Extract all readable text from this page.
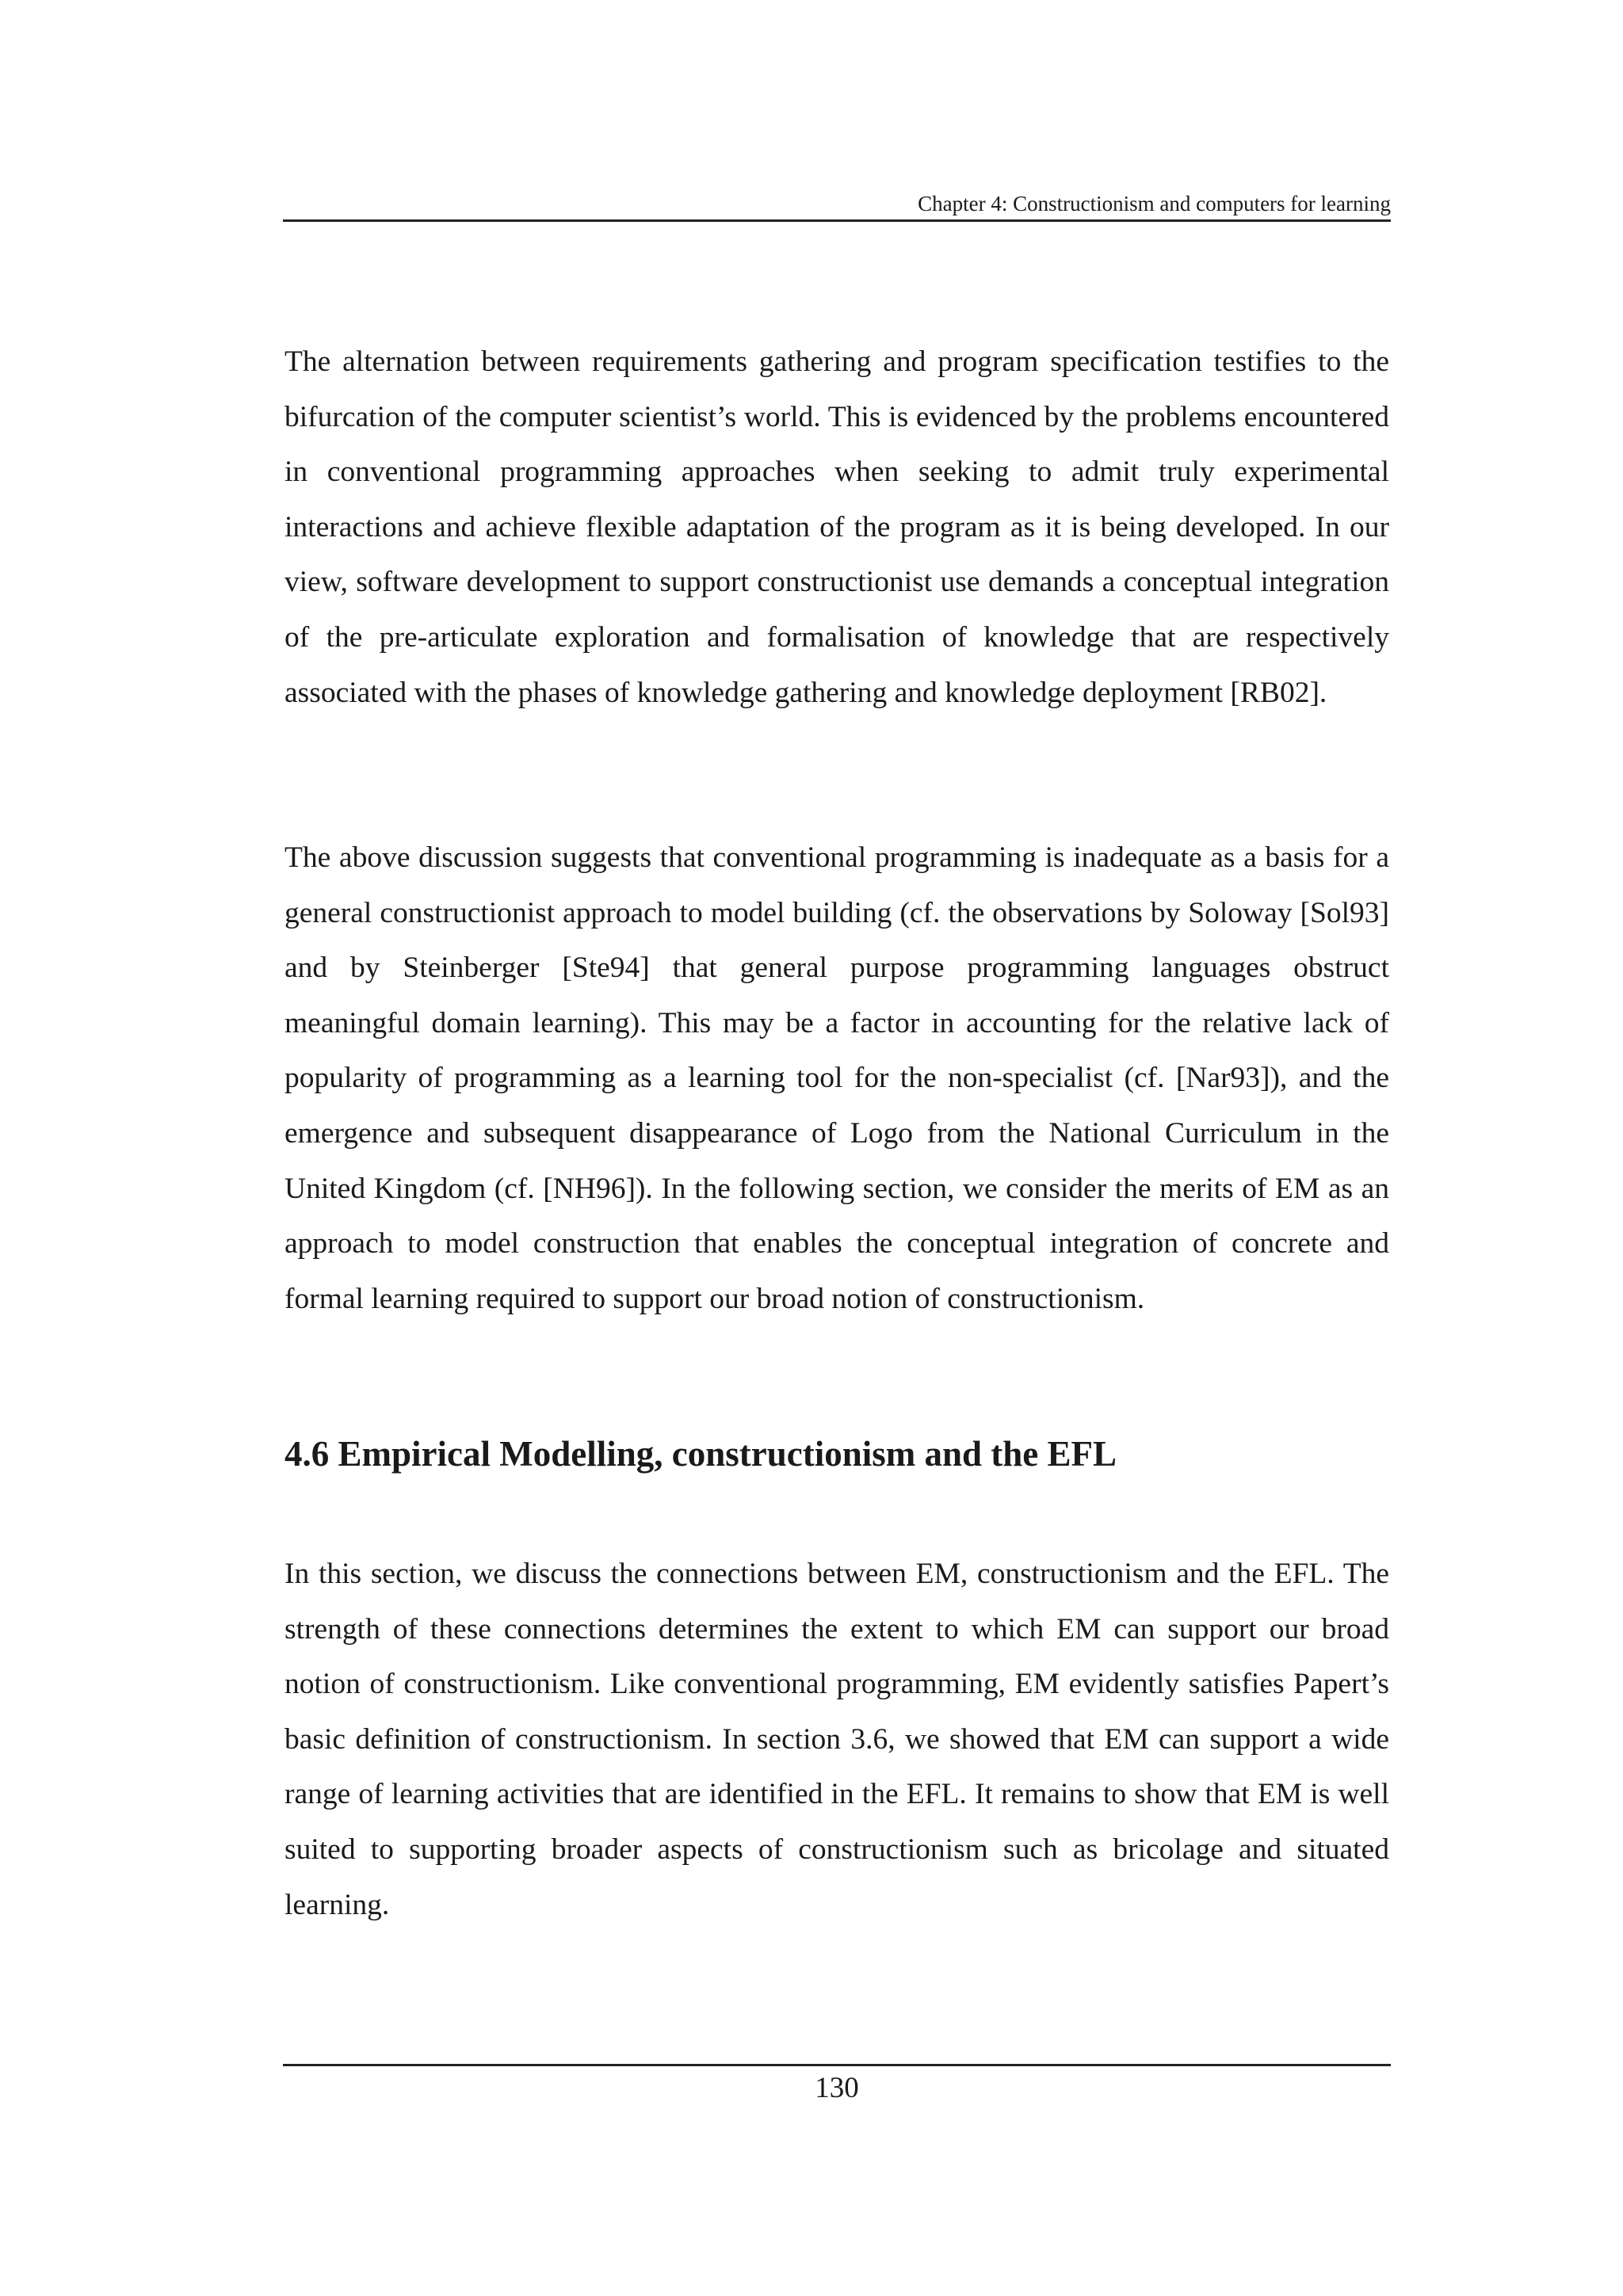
Chapter 4: Constructionism and computers for learning

The alternation between requirements gathering and program specification testifies to the bifurcation of the computer scientist’s world. This is evidenced by the problems encountered in conventional programming approaches when seeking to admit truly experimental interactions and achieve flexible adaptation of the program as it is being developed. In our view, software development to support constructionist use demands a conceptual integration of the pre-articulate exploration and formalisation of knowledge that are respectively associated with the phases of knowledge gathering and knowledge deployment [RB02].

The above discussion suggests that conventional programming is inadequate as a basis for a general constructionist approach to model building (cf. the observations by Soloway [Sol93] and by Steinberger [Ste94] that general purpose programming languages obstruct meaningful domain learning). This may be a factor in accounting for the relative lack of popularity of programming as a learning tool for the non-specialist (cf. [Nar93]), and the emergence and subsequent disappearance of Logo from the National Curriculum in the United Kingdom (cf. [NH96]). In the following section, we consider the merits of EM as an approach to model construction that enables the conceptual integration of concrete and formal learning required to support our broad notion of constructionism.

4.6 Empirical Modelling, constructionism and the EFL

In this section, we discuss the connections between EM, constructionism and the EFL. The strength of these connections determines the extent to which EM can support our broad notion of constructionism. Like conventional programming, EM evidently satisfies Papert’s basic definition of constructionism. In section 3.6, we showed that EM can support a wide range of learning activities that are identified in the EFL. It remains to show that EM is well suited to supporting broader aspects of constructionism such as bricolage and situated learning.

130
